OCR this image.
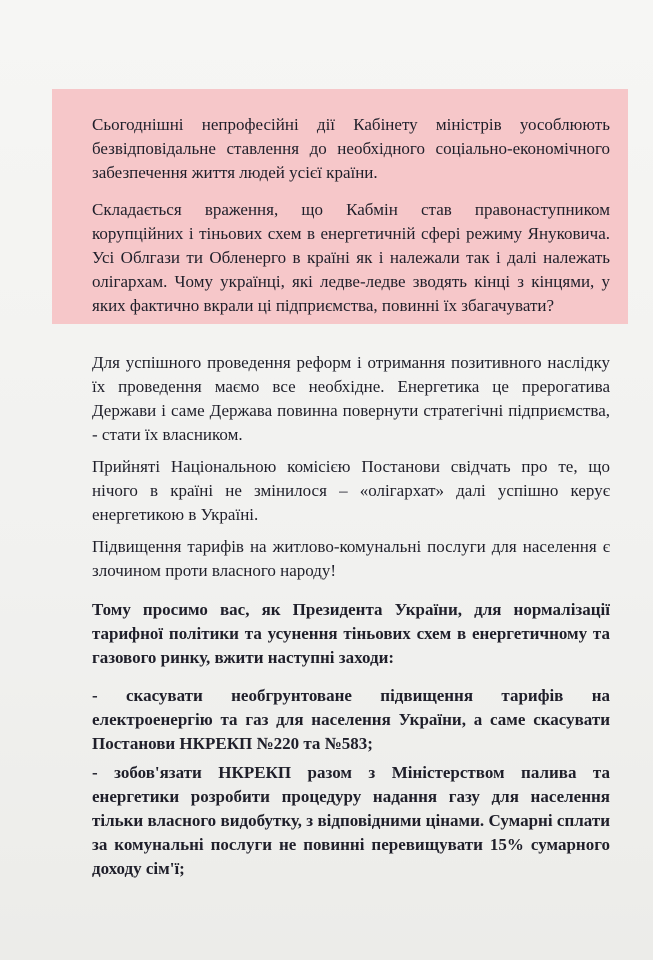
Сьогоднішні непрофесійні дії Кабінету міністрів уособлюють безвідповідальне ставлення до необхідного соціально-економічного забезпечення життя людей усієї країни.

Складається враження, що Кабмін став правонаступником корупційних і тіньових схем в енергетичній сфері режиму Януковича. Усі Облгази ти Обленерго в країні як і належали так і далі належать олігархам. Чому українці, які ледве-ледве зводять кінці з кінцями, у яких фактично вкрали ці підприємства, повинні їх збагачувати?

Для успішного проведення реформ і отримання позитивного наслідку їх проведення маємо все необхідне. Енергетика це прерогатива Держави і саме Держава повинна повернути стратегічні підприємства, - стати їх власником.

Прийняті Національною комісією Постанови свідчать про те, що нічого в країні не змінилося – «олігархат» далі успішно керує енергетикою в Україні.

Підвищення тарифів на житлово-комунальні послуги для населення є злочином проти власного народу!

Тому просимо вас, як Президента України, для нормалізації тарифної політики та усунення тіньових схем в енергетичному та газового ринку, вжити наступні заходи:

- скасувати необгрунтоване підвищення тарифів на електроенергію та газ для населення України, а саме скасувати Постанови НКРЕКП №220 та №583;

- зобов'язати НКРЕКП разом з Міністерством палива та енергетики розробити процедуру надання газу для населення тільки власного видобутку, з відповідними цінами. Сумарні сплати за комунальні послуги не повинні перевищувати 15% сумарного доходу сім'ї;
